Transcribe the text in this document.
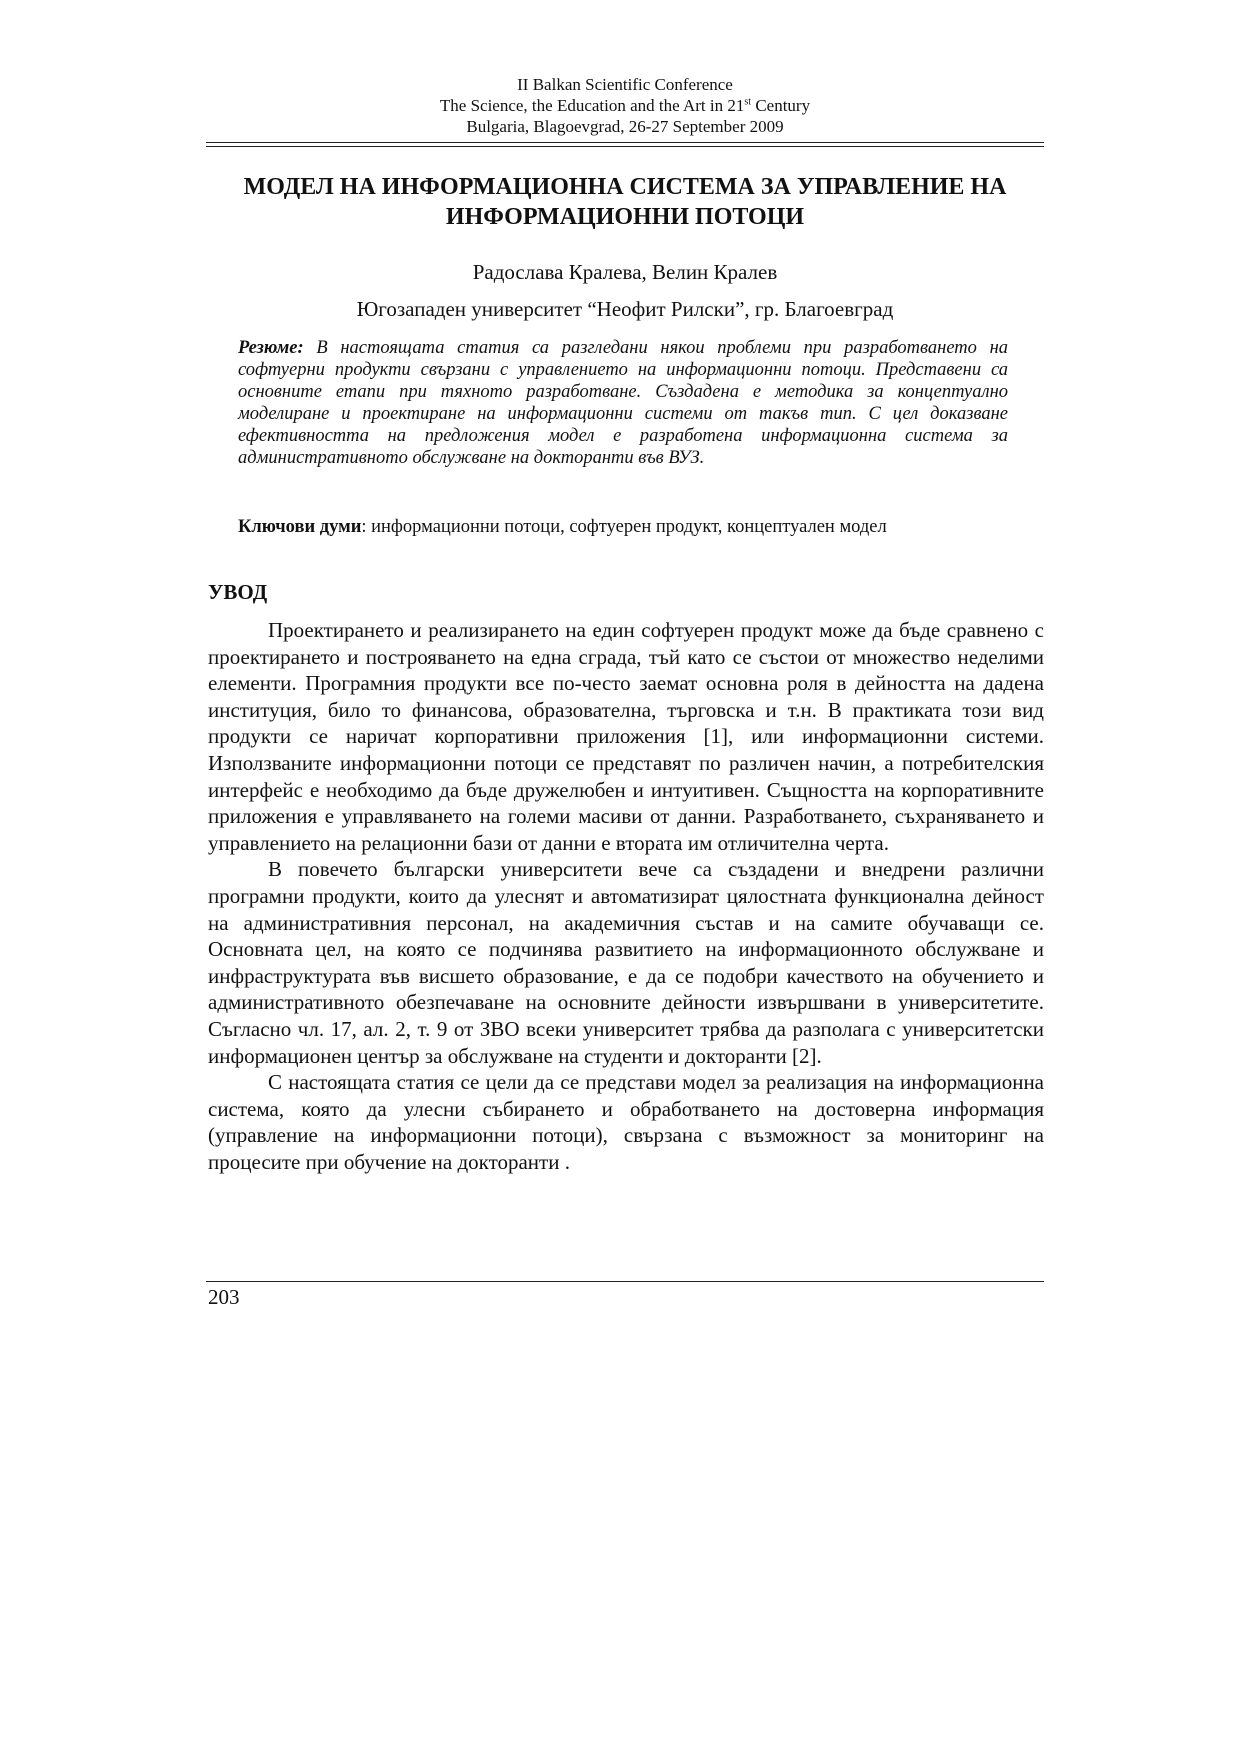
II Balkan Scientific Conference
The Science, the Education and the Art in 21st Century
Bulgaria, Blagoevgrad, 26-27 September 2009
МОДЕЛ НА ИНФОРМАЦИОННА СИСТЕМА ЗА УПРАВЛЕНИЕ НА
ИНФОРМАЦИОННИ ПОТОЦИ
Радослава Кралева, Велин Кралев
Югозападен университет “Неофит Рилски”, гр. Благоевград
Резюме: В настоящата статия са разгледани някои проблеми при разработването на софтуерни продукти свързани с управлението на информационни потоци. Представени са основните етапи при тяхното разработване. Създадена е методика за концептуално моделиране и проектиране на информационни системи от такъв тип. С цел доказване ефективността на предложения модел е разработена информационна система за административното обслужване на докторанти във ВУЗ.
Ключови думи: информационни потоци, софтуерен продукт, концептуален модел
УВОД

Проектирането и реализирането на един софтуерен продукт може да бъде сравнено с проектирането и построяването на една сграда, тъй като се състои от множество неделими елементи. Програмния продукти все по-често заемат основна роля в дейността на дадена институция, било то финансова, образователна, търговска и т.н. В практиката този вид продукти се наричат корпоративни приложения [1], или информационни системи. Използваните информационни потоци се представят по различен начин, а потребителския интерфейс е необходимо да бъде дружелюбен и интуитивен. Същността на корпоративните приложения е управляването на големи масиви от данни. Разработването, съхраняването и управлението на релационни бази от данни е втората им отличителна черта.

В повечето български университети вече са създадени и внедрени различни програмни продукти, които да улеснят и автоматизират цялостната функционална дейност на административния персонал, на академичния състав и на самите обучаващи се. Основната цел, на която се подчинява развитието на информационното обслужване и инфраструктурата във висшето образование, е да се подобри качеството на обучението и административното обезпечаване на основните дейности извършвани в университетите. Съгласно чл. 17, ал. 2, т. 9 от ЗВО всеки университет трябва да разполага с университетски информационен център за обслужване на студенти и докторанти [2].

С настоящата статия се цели да се представи модел за реализация на информационна система, която да улесни събирането и обработването на достоверна информация (управление на информационни потоци), свързана с възможност за мониторинг на процесите при обучение на докторанти .

203
